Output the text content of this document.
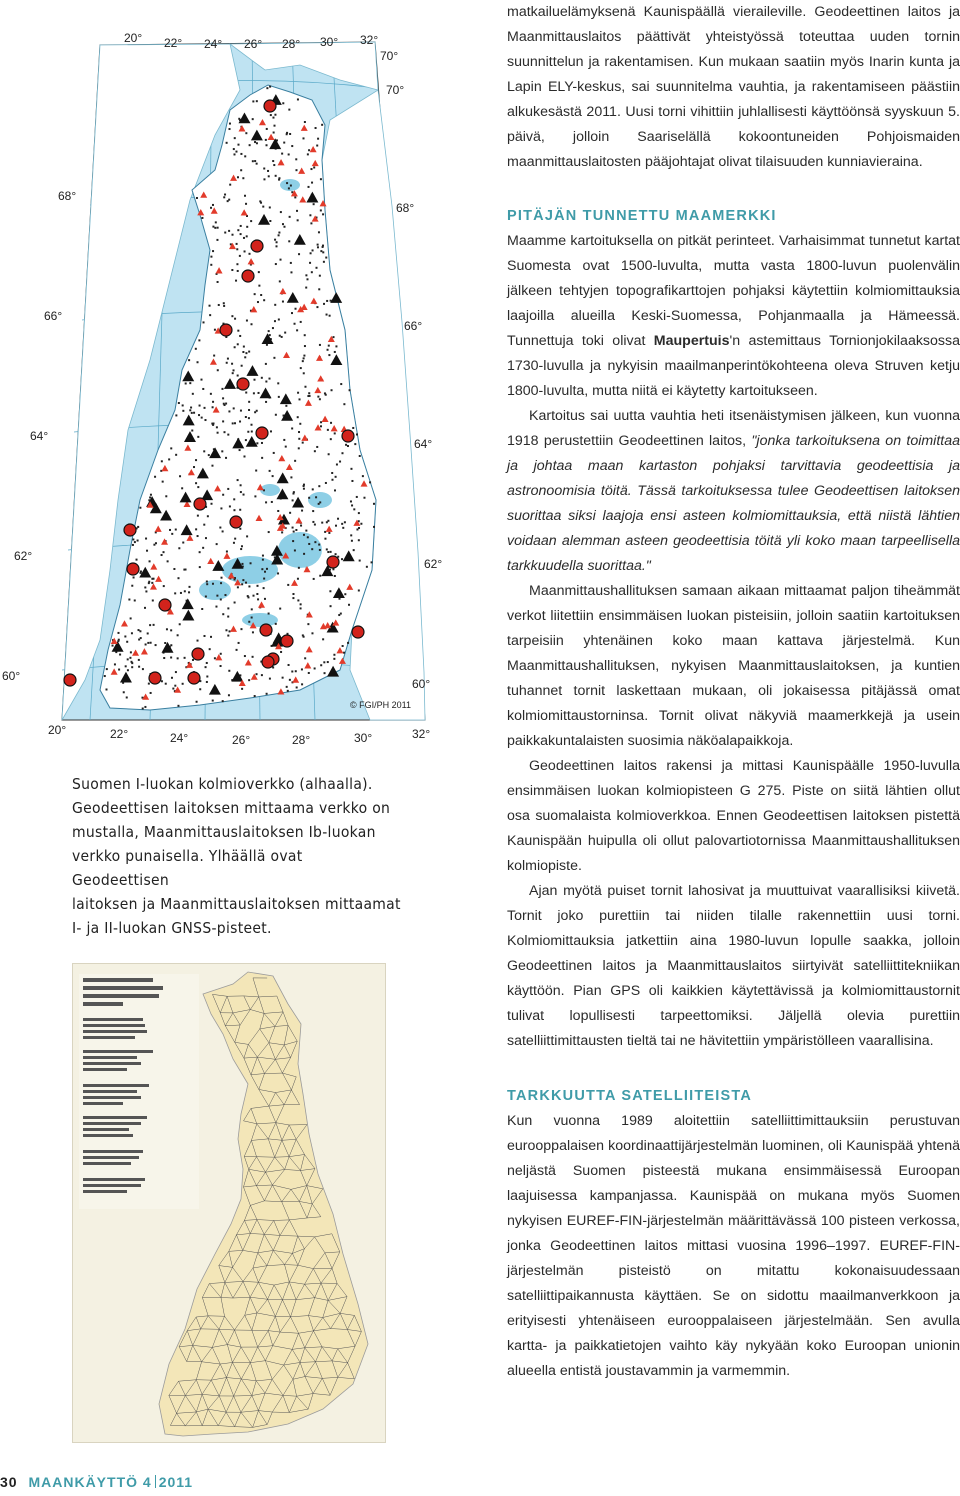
68°
66°
64°
62°
60°
70°
68°
66°
64°
62°
60°
20° 22° 24° 26° 28° 30° 32°
20°	22°	24°	26°	28°	30°	32°
© FGI/PH 2011
70°
Suomen I-luokan kolmioverkko (alhaalla).
Geodeettisen laitoksen mittaama verkko on
mustalla, Maanmittauslaitoksen Ib-luokan
verkko punaisella. Ylhäällä ovat Geodeettisen
laitoksen ja Maanmittauslaitoksen mittaamat
I- ja II-luokan GNSS-pisteet.

matkailuelämyksenä Kaunispäällä vieraileville. Geodeettinen laitos ja Maanmittauslaitos päättivät yhteistyössä toteuttaa uuden tornin suunnittelun ja rakentamisen. Kun mukaan saatiin myös Inarin kunta ja Lapin ELY-keskus, sai suunnitelma vauhtia, ja rakentamiseen päästiin alkukesästä 2011. Uusi torni vihittiin juhlallisesti käyttöönsä syyskuun 5. päivä, jolloin Saariselällä kokoontuneiden Pohjoismaiden maanmittauslaitosten pääjohtajat olivat tilaisuuden kunniavieraina.

PITÄJÄN TUNNETTU MAAMERKKI

Maamme kartoituksella on pitkät perinteet. Varhaisimmat tunnetut kartat Suomesta ovat 1500-luvulta, mutta vasta 1800-luvun puolenvälin jälkeen tehtyjen topografikarttojen pohjaksi käytettiin kolmiomittauksia laajoilla alueilla Keski-Suomessa, Pohjanmaalla ja Hämeessä. Tunnettuja toki olivat Maupertuis'n astemittaus Tornionjokilaaksossa 1730-luvulla ja nykyisin maailmanperintökohteena oleva Struven ketju 1800-luvulta, mutta niitä ei käytetty kartoitukseen.

Kartoitus sai uutta vauhtia heti itsenäistymisen jälkeen, kun vuonna 1918 perustettiin Geodeettinen laitos, "jonka tarkoituksena on toimittaa ja johtaa maan kartaston pohjaksi tarvittavia geodeettisia ja astronoomisia töitä. Tässä tarkoituksessa tulee Geodeettisen laitoksen suorittaa siksi laajoja ensi asteen kolmiomittauksia, että niistä lähtien voidaan alemman asteen geodeettisia töitä yli koko maan tarpeellisella tarkkuudella suorittaa."

Maanmittaushallituksen samaan aikaan mittaamat paljon tiheämmät verkot liitettiin ensimmäisen luokan pisteisiin, jolloin saatiin kartoituksen tarpeisiin yhtenäinen koko maan kattava järjestelmä. Kun Maanmittaushallituksen, nykyisen Maanmittauslaitoksen, ja kuntien tuhannet tornit laskettaan mukaan, oli jokaisessa pitäjässä omat kolmiomittaustorninsa. Tornit olivat näkyviä maamerkkejä ja usein paikkakuntalaisten suosimia näköalapaikkoja.

Geodeettinen laitos rakensi ja mittasi Kaunispäälle 1950-luvulla ensimmäisen luokan kolmiopisteen G 275. Piste on siitä lähtien ollut osa suomalaista kolmioverkkoa. Ennen Geodeettisen laitoksen pistettä Kaunispään huipulla oli ollut palovartiotornissa Maanmittaushallituksen kolmiopiste.

Ajan myötä puiset tornit lahosivat ja muuttuivat vaarallisiksi kiivetä. Tornit joko purettiin tai niiden tilalle rakennettiin uusi torni. Kolmiomittauksia jatkettiin aina 1980-luvun lopulle saakka, jolloin Geodeettinen laitos ja Maanmittauslaitos siirtyivät satelliittitekniikan käyttöön. Pian GPS oli kaikkien käytettävissä ja kolmiomittaustornit tulivat lopullisesti tarpeettomiksi. Jäljellä olevia purettiin satelliittimittausten tieltä tai ne hävitettiin ympäristölleen vaarallisina.

TARKKUUTTA SATELLIITEISTA

Kun vuonna 1989 aloitettiin satelliittimittauksiin perustuvan eurooppalaisen koordinaattijärjestelmän luominen, oli Kaunispää yhtenä neljästä Suomen pisteestä mukana ensimmäisessä Euroopan laajuisessa kampanjassa. Kaunispää on mukana myös Suomen nykyisen EUREF-FIN-järjestelmän määrittävässä 100 pisteen verkossa, jonka Geodeettinen laitos mittasi vuosina 1996–1997. EUREF-FIN-järjestelmän pisteistö on mitattu kokonaisuudessaan satelliittipaikannusta käyttäen. Se on sidottu maailmanverkkoon ja erityisesti yhtenäiseen eurooppalaiseen järjestelmään. Sen avulla kartta- ja paikkatietojen vaihto käy nykyään koko Euroopan unionin alueella entistä joustavammin ja varmemmin.

30 MAANKÄYTTÖ 4 2011
